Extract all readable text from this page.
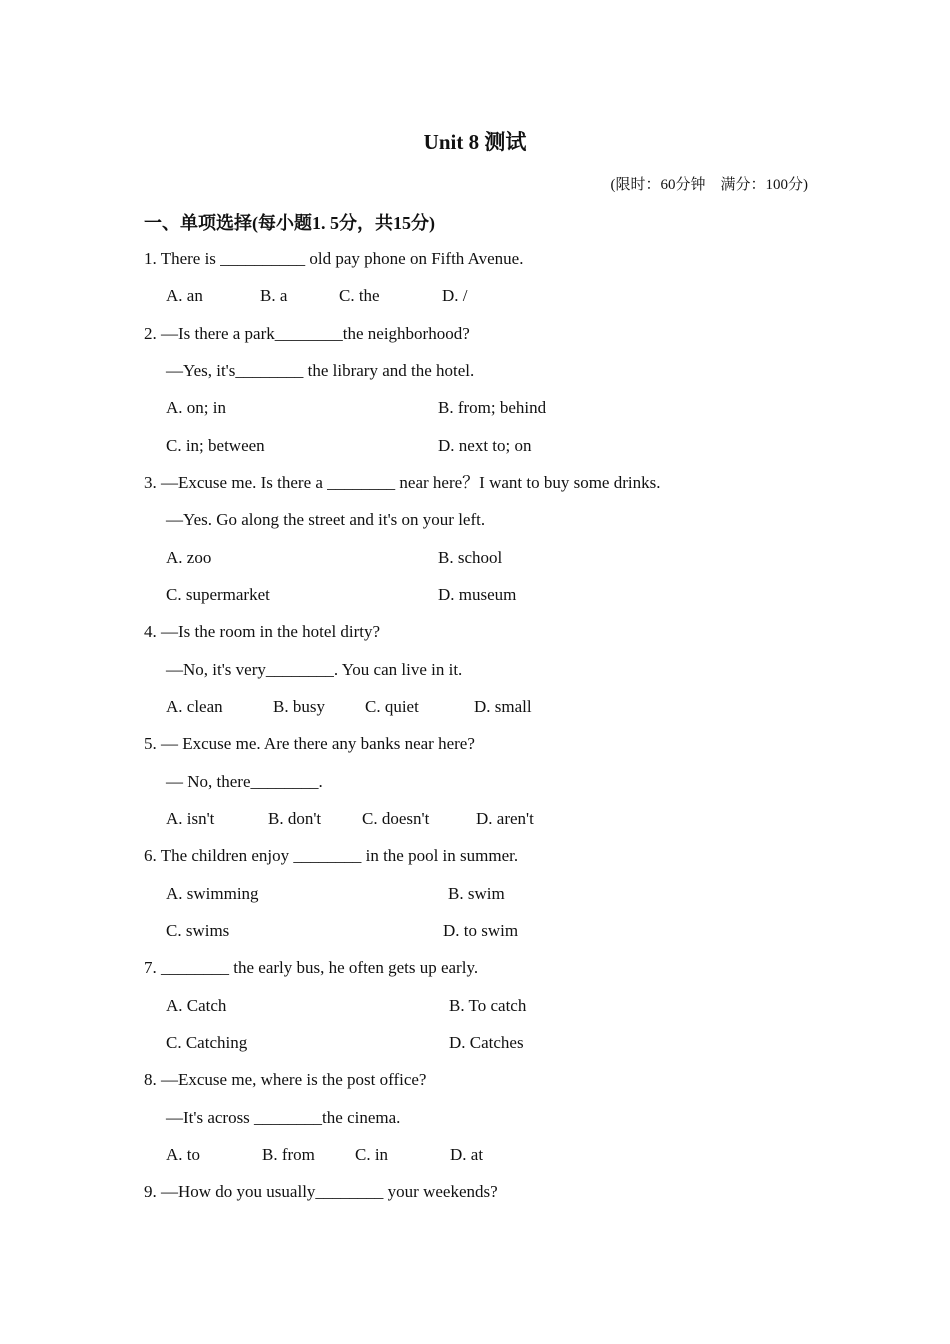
Unit 8 测试
(限时：60分钟　满分：100分)
一、单项选择(每小题1. 5分，共15分)
1. There is __________ old pay phone on Fifth Avenue.
A. an	B. a	C. the	D. /
2. —Is there a park________the neighborhood?
—Yes, it's________ the library and the hotel.
A. on; in	B. from; behind
C. in; between	D. next to; on
3. —Excuse me. Is there a ________ near here？I want to buy some drinks.
—Yes. Go along the street and it's on your left.
A. zoo	B. school
C. supermarket	D. museum
4. —Is the room in the hotel dirty?
—No, it's very________. You can live in it.
A. clean	B. busy C. quiet	D. small
5. — Excuse me. Are there any banks near here?
— No, there________.
A. isn't	B. don't C. doesn't	D. aren't
6. The children enjoy ________ in the pool in summer.
A. swimming	B. swim
C. swims	D. to swim
7. ________ the early bus, he often gets up early.
A. Catch	B. To catch
C. Catching	D. Catches
8. —Excuse me, where is the post office?
—It's across ________the cinema.
A. to	B. from C. in	D. at
9. —How do you usually________ your weekends?
